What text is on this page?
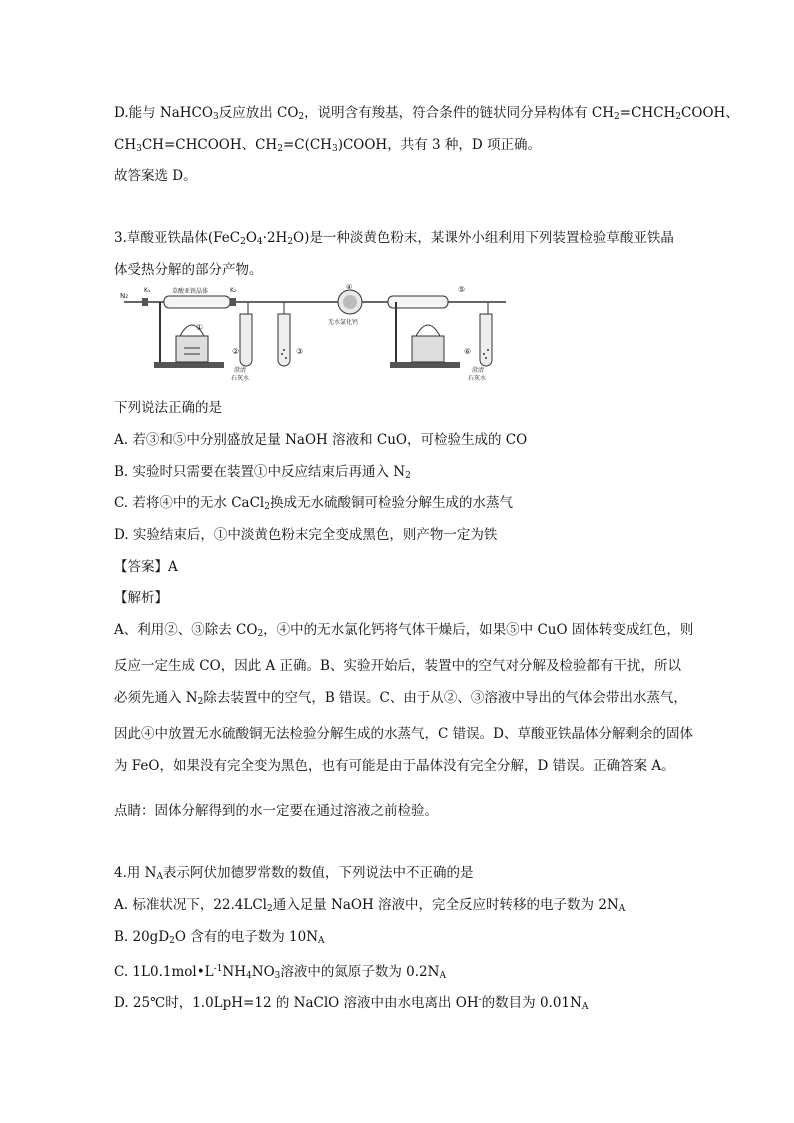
D.能与 NaHCO$_3$反应放出 $CO_2$，说明含有羧基，符合条件的链状同分异构体有 $CH_2=CHCH_2COOH$、
$CH_3CH=CHCOOH$、$CH_2=C(CH_3)COOH$，共有 3 种，D 项正确。
故答案选 D。
3.草酸亚铁晶体$(FeC_2O_4\cdot 2H_2O)$是一种淡黄色粉末，某课外小组利用下列装置检验草酸亚铁晶
体受热分解的部分产物。
N₂
K₁	草酸亚铁晶体	K₂
①
②
澄清
石灰水
③
④
无水氯化钙
⑤
⑥
澄清
石灰水
下列说法正确的是
A. 若③和⑤中分别盛放足量 NaOH 溶液和 CuO，可检验生成的 CO
B. 实验时只需要在装置①中反应结束后再通入 $N_2$
C. 若将④中的无水 CaCl$_2$换成无水硫酸铜可检验分解生成的水蒸气
D. 实验结束后，①中淡黄色粉末完全变成黑色，则产物一定为铁
【答案】A
【解析】
A、利用②、③除去 $CO_2$，④中的无水氯化钙将气体干燥后，如果⑤中 CuO 固体转变成红色，则反应一定生成 CO，因此 A 正确。B、实验开始后，装置中的空气对分解及检验都有干扰，所以必须先通入 $N_2$除去装置中的空气，B 错误。C、由于从②、③溶液中导出的气体会带出水蒸气，因此④中放置无水硫酸铜无法检验分解生成的水蒸气，C 错误。D、草酸亚铁晶体分解剩余的固体为 FeO，如果没有完全变为黑色，也有可能是由于晶体没有完全分解，D 错误。正确答案 A。
点睛：固体分解得到的水一定要在通过溶液之前检验。
4.用 $N_A$表示阿伏加德罗常数的数值，下列说法中不正确的是
A. 标准状况下，22.4LCl$_2$通入足量 NaOH 溶液中，完全反应时转移的电子数为 $2N_A$
B. $20gD_2O$ 含有的电子数为 $10N_A$
C. $1L0.1mol•L^{-1}NH_4NO_3$溶液中的氮原子数为 $0.2N_A$
D. 25℃时，1.0LpH=12 的 NaClO 溶液中由水电离出 OH-的数目为 $0.01N_A$
